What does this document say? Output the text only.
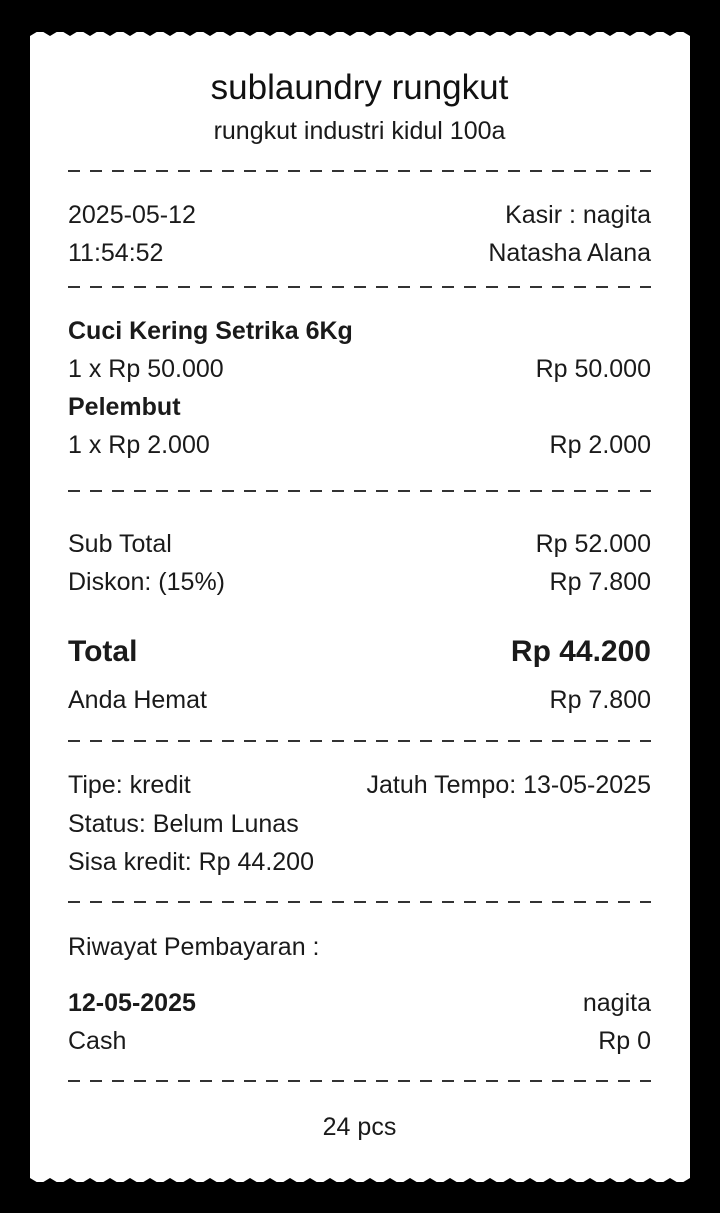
sublaundry rungkut
rungkut industri kidul 100a
2025-05-12	Kasir : nagita
11:54:52	Natasha Alana
Cuci Kering Setrika 6Kg
1 x Rp 50.000	Rp 50.000
Pelembut
1 x Rp 2.000	Rp 2.000
Sub Total	Rp 52.000
Diskon: (15%)	Rp 7.800
Total	Rp 44.200
Anda Hemat	Rp 7.800
Tipe: kredit	Jatuh Tempo: 13-05-2025
Status: Belum Lunas
Sisa kredit: Rp 44.200
Riwayat Pembayaran :
12-05-2025	nagita
Cash	Rp 0
24 pcs
